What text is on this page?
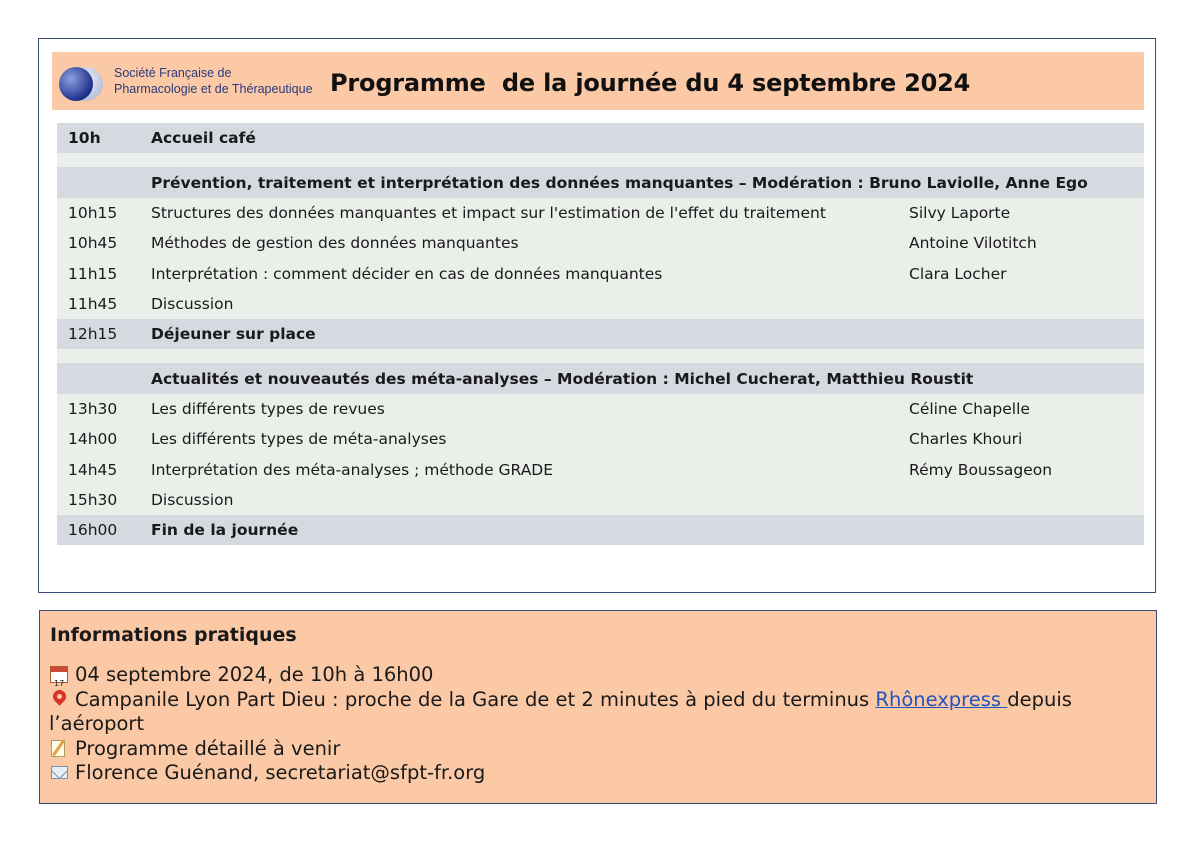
Société Française de
Pharmacologie et de Thérapeutique Programme  de la journée du 4 septembre 2024
10h	Accueil café
Prévention, traitement et interprétation des données manquantes – Modération : Bruno Laviolle, Anne Ego
10h15 Structures des données manquantes et impact sur l'estimation de l'effet du traitement	Silvy Laporte
10h45 Méthodes de gestion des données manquantes	Antoine Vilotitch
11h15 Interprétation : comment décider en cas de données manquantes	Clara Locher
11h45 Discussion
12h15 Déjeuner sur place
Actualités et nouveautés des méta-analyses – Modération : Michel Cucherat, Matthieu Roustit
13h30 Les différents types de revues	Céline Chapelle
14h00 Les différents types de méta-analyses	Charles Khouri
14h45 Interprétation des méta-analyses ; méthode GRADE	Rémy Boussageon
15h30 Discussion
16h00 Fin de la journée
Informations pratiques
17 04 septembre 2024, de 10h à 16h00
Campanile Lyon Part Dieu : proche de la Gare de et 2 minutes à pied du terminus Rhônexpress depuis
l’aéroport
Programme détaillé à venir
Florence Guénand, secretariat@sfpt-fr.org
